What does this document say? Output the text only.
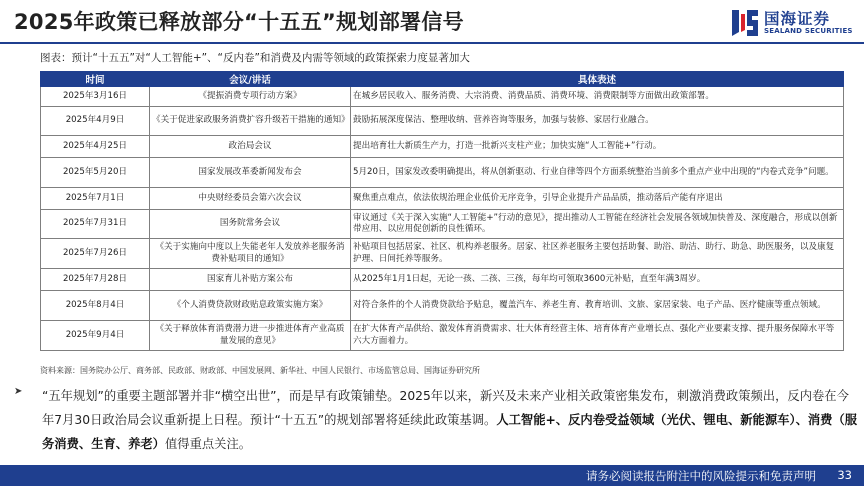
2025年政策已释放部分“十五五”规划部署信号	国海证券
SEALAND SECURITIES
图表：预计“十五五”对“人工智能+”、“反内卷”和消费及内需等领域的政策探索力度显著加大
时间	会议/讲话	具体表述
2025年3月16日	《提振消费专项行动方案》	在城乡居民收入、服务消费、大宗消费、消费品质、消费环境、消费限制等方面做出政策部署。
2025年4月9日	《关于促进家政服务消费扩容升级若干措施的通知》	鼓励拓展深度保洁、整理收纳、营养咨询等服务，加强与装修、家居行业融合。
2025年4月25日	政治局会议	提出培育壮大新质生产力，打造一批新兴支柱产业；加快实施“人工智能+”行动。
2025年5月20日	国家发展改革委新闻发布会	5月20日，国家发改委明确提出，将从创新驱动、行业自律等四个方面系统整治当前多个重点产业中出现的“内卷式竞争”问题。
2025年7月1日	中央财经委员会第六次会议	聚焦重点难点，依法依规治理企业低价无序竞争，引导企业提升产品品质，推动落后产能有序退出
2025年7月31日	国务院常务会议	审议通过《关于深入实施“人工智能+”行动的意见》，提出推动人工智能在经济社会发展各领域加快普及、深度融合，形成以创新带应用、以应用促创新的良性循环。
2025年7月26日	《关于实施向中度以上失能老年人发放养老服务消费补贴项目的通知》	补贴项目包括居家、社区、机构养老服务。居家、社区养老服务主要包括助餐、助浴、助洁、助行、助急、助医服务，以及康复护理、日间托养等服务。
2025年7月28日	国家育儿补贴方案公布	从2025年1月1日起，无论一孩、二孩、三孩，每年均可领取3600元补贴，直至年满3周岁。
2025年8月4日	《个人消费贷款财政贴息政策实施方案》	对符合条件的个人消费贷款给予贴息，覆盖汽车、养老生育、教育培训、文旅、家居家装、电子产品、医疗健康等重点领域。
2025年9月4日	《关于释放体育消费潜力进一步推进体育产业高质量发展的意见》	在扩大体育产品供给、激发体育消费需求、壮大体育经营主体、培育体育产业增长点、强化产业要素支撑、提升服务保障水平等六大方面着力。
资料来源：国务院办公厅、商务部、民政部、财政部、中国发展网、新华社、中国人民银行、市场监管总局、国海证券研究所
➤ “五年规划”的重要主题部署并非“横空出世”，而是早有政策铺垫。2025年以来，新兴及未来产业相关政策密集发布，刺激消费政策频出，反内卷在今年7月30日政治局会议重新提上日程。预计“十五五”的规划部署将延续此政策基调。人工智能+、反内卷受益领域（光伏、锂电、新能源车）、消费（服务消费、生育、养老）值得重点关注。
请务必阅读报告附注中的风险提示和免责声明 33
